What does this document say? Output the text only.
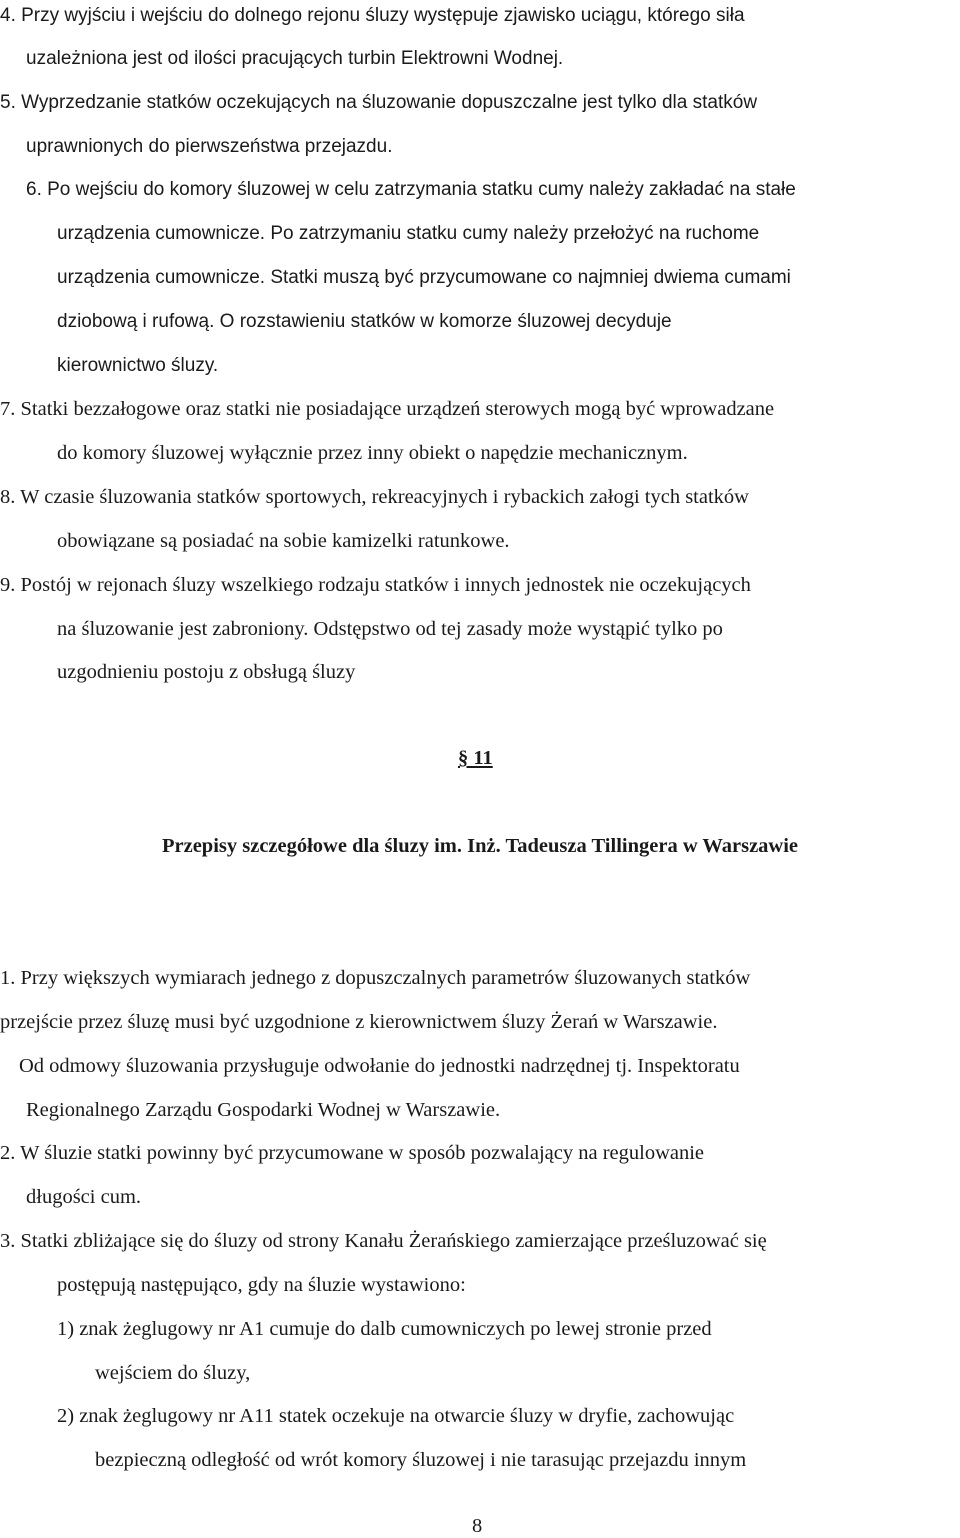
4. Przy wyjściu i wejściu do dolnego rejonu śluzy występuje zjawisko uciągu, którego siła
uzależniona jest od ilości pracujących turbin Elektrowni Wodnej.
5. Wyprzedzanie statków oczekujących na śluzowanie dopuszczalne jest tylko dla statków
uprawnionych do pierwszeństwa przejazdu.
6. Po wejściu do komory śluzowej w celu zatrzymania statku cumy należy zakładać na stałe
urządzenia cumownicze. Po zatrzymaniu statku cumy należy przełożyć na ruchome
urządzenia cumownicze. Statki muszą być przycumowane co najmniej dwiema cumami
dziobową i rufową. O rozstawieniu statków w komorze śluzowej decyduje
kierownictwo śluzy.
7. Statki bezzałogowe oraz statki nie posiadające urządzeń sterowych mogą być wprowadzane
do komory śluzowej wyłącznie przez inny obiekt o napędzie mechanicznym.
8. W czasie śluzowania statków sportowych, rekreacyjnych i rybackich załogi tych statków
obowiązane są posiadać na sobie kamizelki ratunkowe.
9. Postój w rejonach śluzy wszelkiego rodzaju statków i innych jednostek nie oczekujących
na śluzowanie jest zabroniony. Odstępstwo od tej zasady może wystąpić tylko po
uzgodnieniu postoju z obsługą śluzy
§ 11
Przepisy szczegółowe dla śluzy im. Inż. Tadeusza Tillingera w Warszawie
1. Przy większych wymiarach jednego z dopuszczalnych parametrów śluzowanych statków
przejście przez śluzę musi być uzgodnione z kierownictwem śluzy Żerań w Warszawie.
Od odmowy śluzowania przysługuje odwołanie do jednostki nadrzędnej tj. Inspektoratu
Regionalnego Zarządu Gospodarki Wodnej w Warszawie.
2. W śluzie statki powinny być przycumowane w sposób pozwalający na regulowanie
długości cum.
3. Statki zbliżające się do śluzy od strony Kanału Żerańskiego zamierzające prześluzować się
postępują następująco, gdy na śluzie wystawiono:
1) znak żeglugowy nr A1 cumuje do dalb cumowniczych po lewej stronie przed
wejściem do śluzy,
2) znak żeglugowy nr A11 statek oczekuje na otwarcie śluzy w dryfie, zachowując
bezpieczną odległość od wrót komory śluzowej i nie tarasując przejazdu innym
8
